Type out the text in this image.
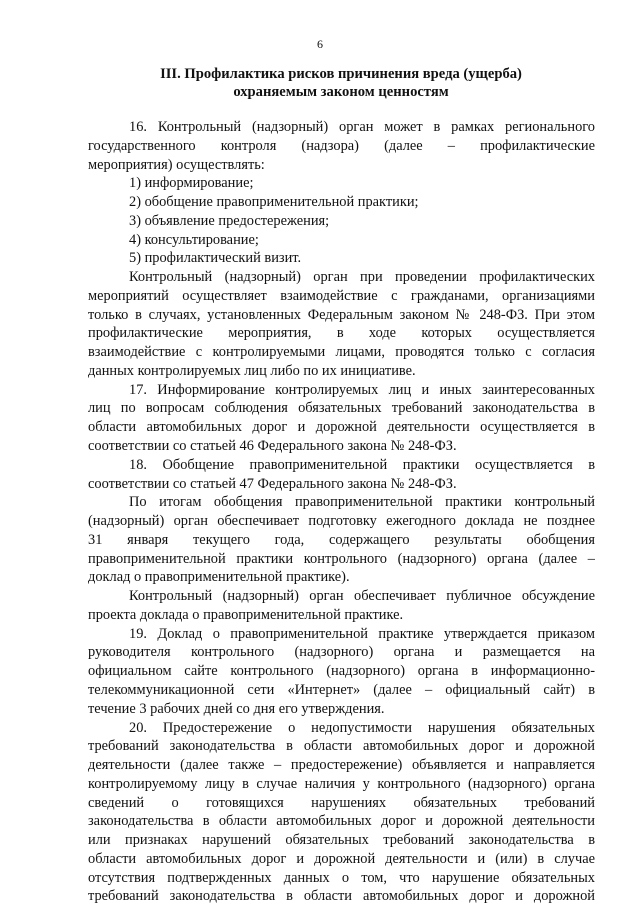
6
III. Профилактика рисков причинения вреда (ущерба)
охраняемым законом ценностям
16. Контрольный (надзорный) орган может в рамках регионального
государственного контроля (надзора) (далее – профилактические
мероприятия) осуществлять:
1) информирование;
2) обобщение правоприменительной практики;
3) объявление предостережения;
4) консультирование;
5) профилактический визит.
Контрольный (надзорный) орган при проведении профилактических
мероприятий осуществляет взаимодействие с гражданами, организациями
только в случаях, установленных Федеральным законом № 248-ФЗ. При этом
профилактические мероприятия, в ходе которых осуществляется
взаимодействие с контролируемыми лицами, проводятся только с согласия
данных контролируемых лиц либо по их инициативе.
17. Информирование контролируемых лиц и иных заинтересованных
лиц по вопросам соблюдения обязательных требований законодательства в
области автомобильных дорог и дорожной деятельности осуществляется в
соответствии со статьей 46 Федерального закона № 248-ФЗ.
18. Обобщение правоприменительной практики осуществляется в
соответствии со статьей 47 Федерального закона № 248-ФЗ.
По итогам обобщения правоприменительной практики контрольный
(надзорный) орган обеспечивает подготовку ежегодного доклада не позднее
31 января текущего года, содержащего результаты обобщения
правоприменительной практики контрольного (надзорного) органа (далее –
доклад о правоприменительной практике).
Контрольный (надзорный) орган обеспечивает публичное обсуждение
проекта доклада о правоприменительной практике.
19. Доклад о правоприменительной практике утверждается приказом
руководителя контрольного (надзорного) органа и размещается на
официальном сайте контрольного (надзорного) органа в информационно-
телекоммуникационной сети «Интернет» (далее – официальный сайт) в
течение 3 рабочих дней со дня его утверждения.
20. Предостережение о недопустимости нарушения обязательных
требований законодательства в области автомобильных дорог и дорожной
деятельности (далее также – предостережение) объявляется и направляется
контролируемому лицу в случае наличия у контрольного (надзорного) органа
сведений о готовящихся нарушениях обязательных требований
законодательства в области автомобильных дорог и дорожной деятельности
или признаках нарушений обязательных требований законодательства в
области автомобильных дорог и дорожной деятельности и (или) в случае
отсутствия подтвержденных данных о том, что нарушение обязательных
требований законодательства в области автомобильных дорог и дорожной
